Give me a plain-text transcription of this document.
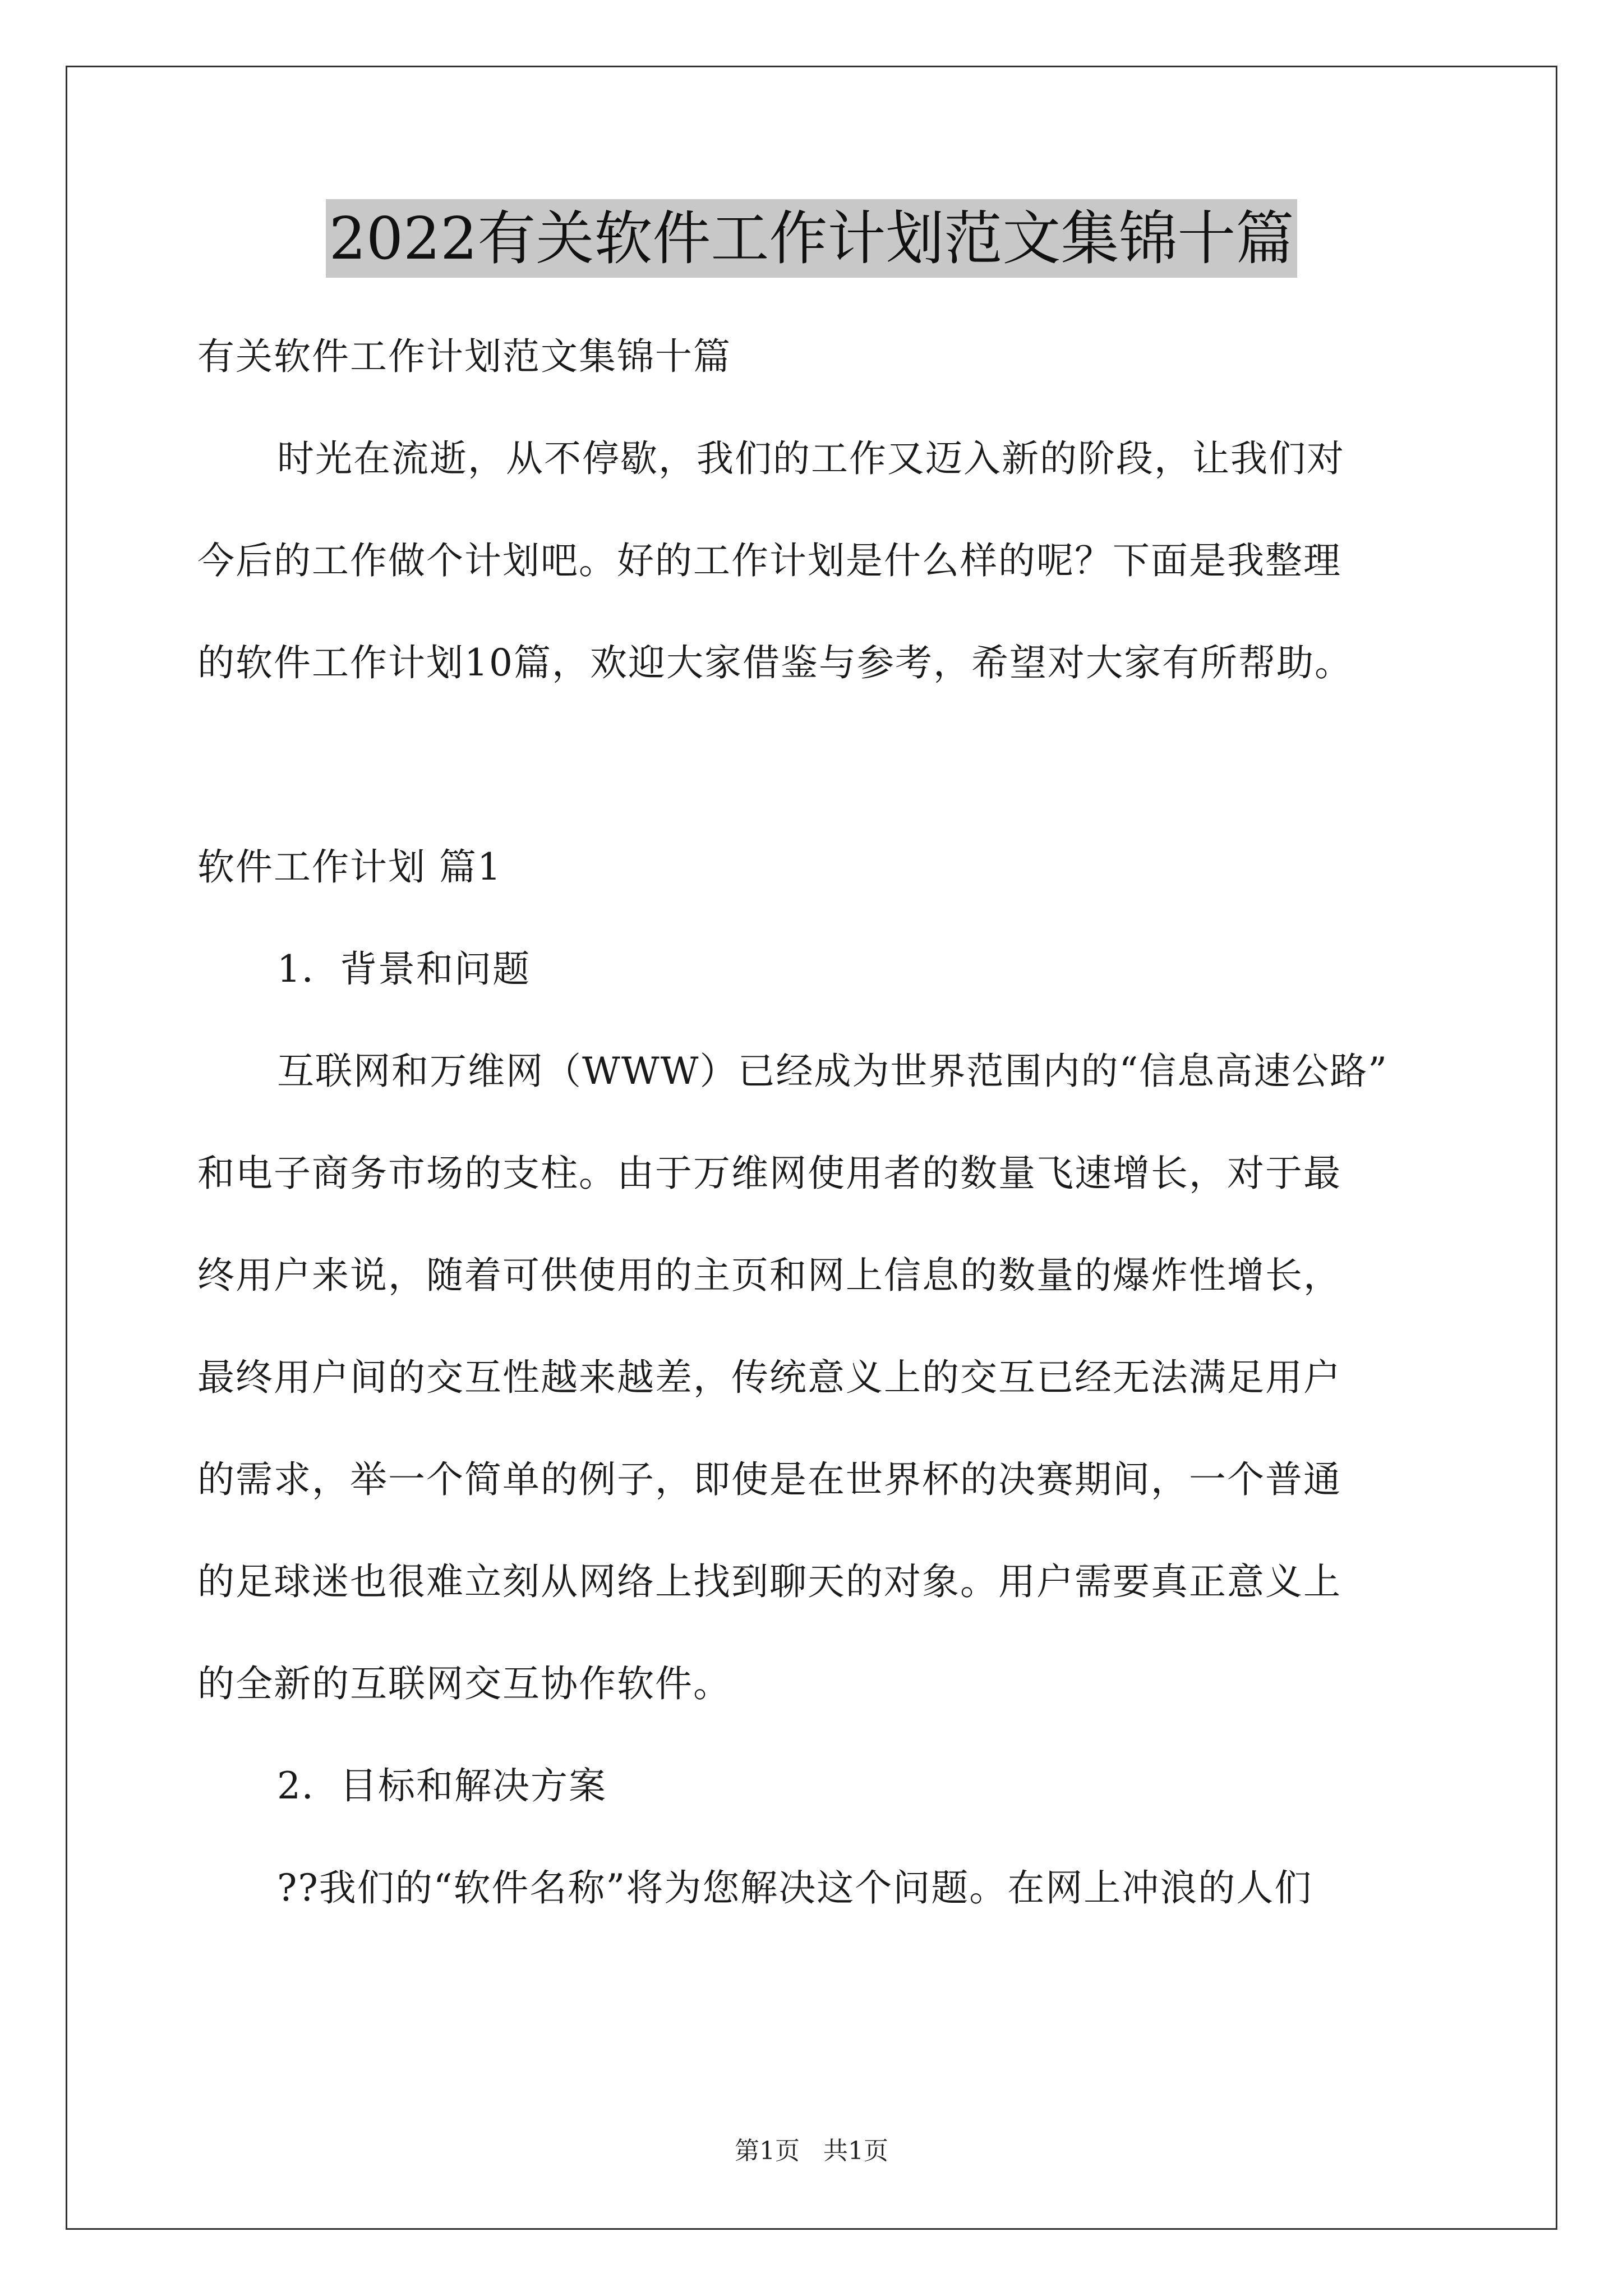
2022有关软件工作计划范文集锦十篇
有关软件工作计划范文集锦十篇
时光在流逝，从不停歇，我们的工作又迈入新的阶段，让我们对
今后的工作做个计划吧。好的工作计划是什么样的呢？下面是我整理
的软件工作计划10篇，欢迎大家借鉴与参考，希望对大家有所帮助。
软件工作计划 篇1
1．背景和问题
互联网和万维网（WWW）已经成为世界范围内的“信息高速公路”
和电子商务市场的支柱。由于万维网使用者的数量飞速增长，对于最
终用户来说，随着可供使用的主页和网上信息的数量的爆炸性增长，
最终用户间的交互性越来越差，传统意义上的交互已经无法满足用户
的需求，举一个简单的例子，即使是在世界杯的决赛期间，一个普通
的足球迷也很难立刻从网络上找到聊天的对象。用户需要真正意义上
的全新的互联网交互协作软件。
2．目标和解决方案
??我们的“软件名称”将为您解决这个问题。在网上冲浪的人们
第1页   共1页
